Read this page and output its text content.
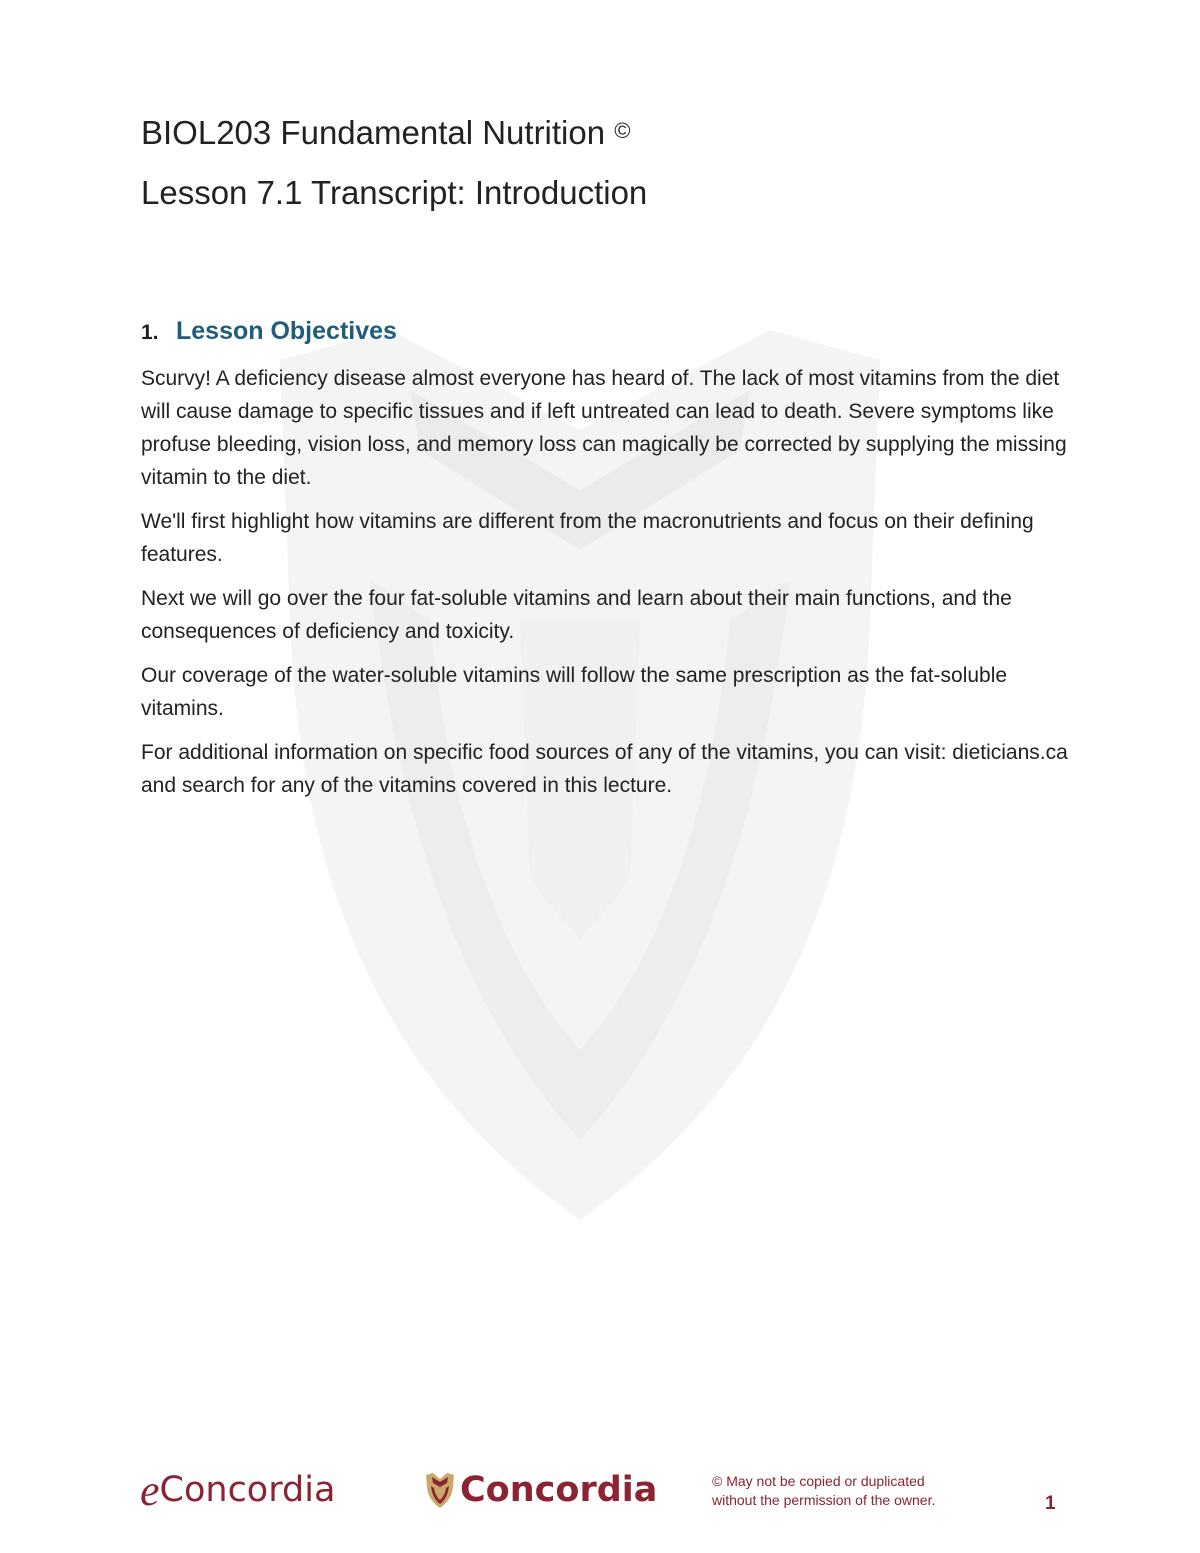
BIOL203 Fundamental Nutrition ©
Lesson 7.1 Transcript: Introduction
1. Lesson Objectives

Scurvy! A deficiency disease almost everyone has heard of. The lack of most vitamins from the diet will cause damage to specific tissues and if left untreated can lead to death. Severe symptoms like profuse bleeding, vision loss, and memory loss can magically be corrected by supplying the missing vitamin to the diet.

We'll first highlight how vitamins are different from the macronutrients and focus on their defining features.

Next we will go over the four fat-soluble vitamins and learn about their main functions, and the consequences of deficiency and toxicity.

Our coverage of the water-soluble vitamins will follow the same prescription as the fat-soluble vitamins.

For additional information on specific food sources of any of the vitamins, you can visit: dieticians.ca and search for any of the vitamins covered in this lecture.

e Concordia	Concordia	© May not be copied or duplicated
without the permission of the owner.	1
